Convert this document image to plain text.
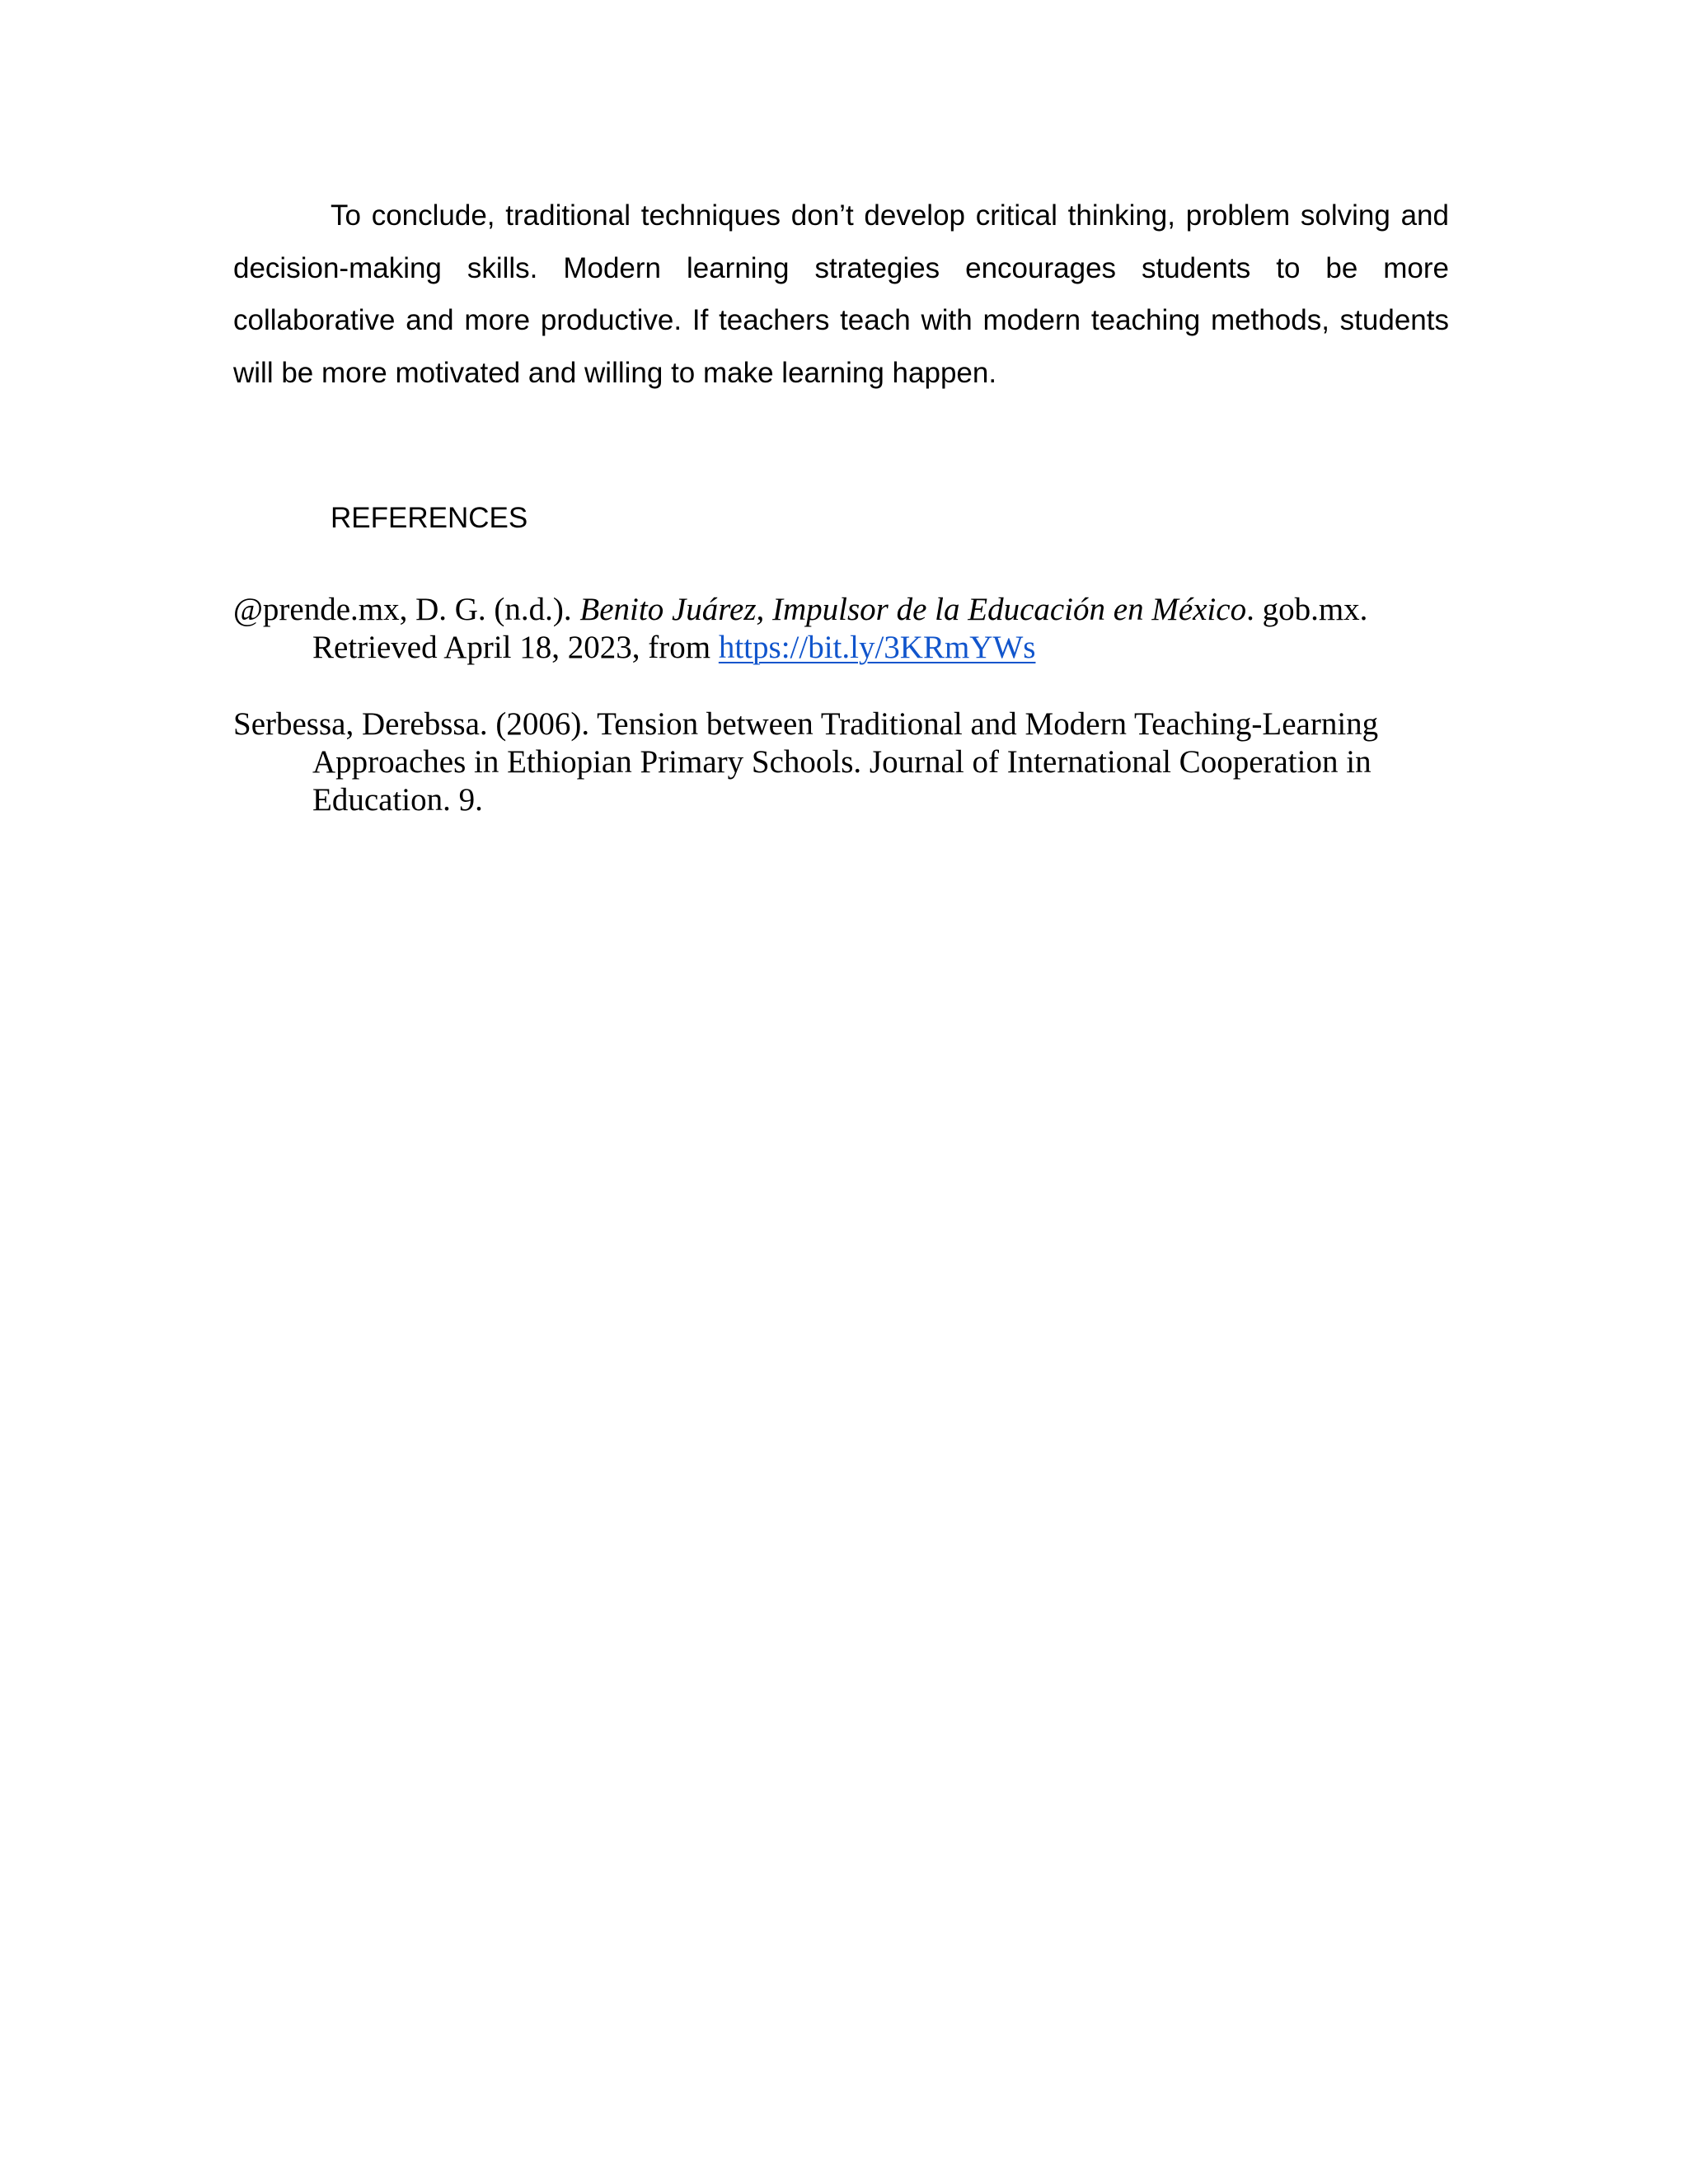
To conclude, traditional techniques don’t develop critical thinking, problem solving and decision-making skills. Modern learning strategies encourages students to be more collaborative and more productive. If teachers teach with modern teaching methods, students will be more motivated and willing to make learning happen.

REFERENCES
@prende.mx, D. G. (n.d.). Benito Juárez, Impulsor de la Educación en México. gob.mx. Retrieved April 18, 2023, from https://bit.ly/3KRmYWs
Serbessa, Derebssa. (2006). Tension between Traditional and Modern Teaching-Learning Approaches in Ethiopian Primary Schools. Journal of International Cooperation in Education. 9.
